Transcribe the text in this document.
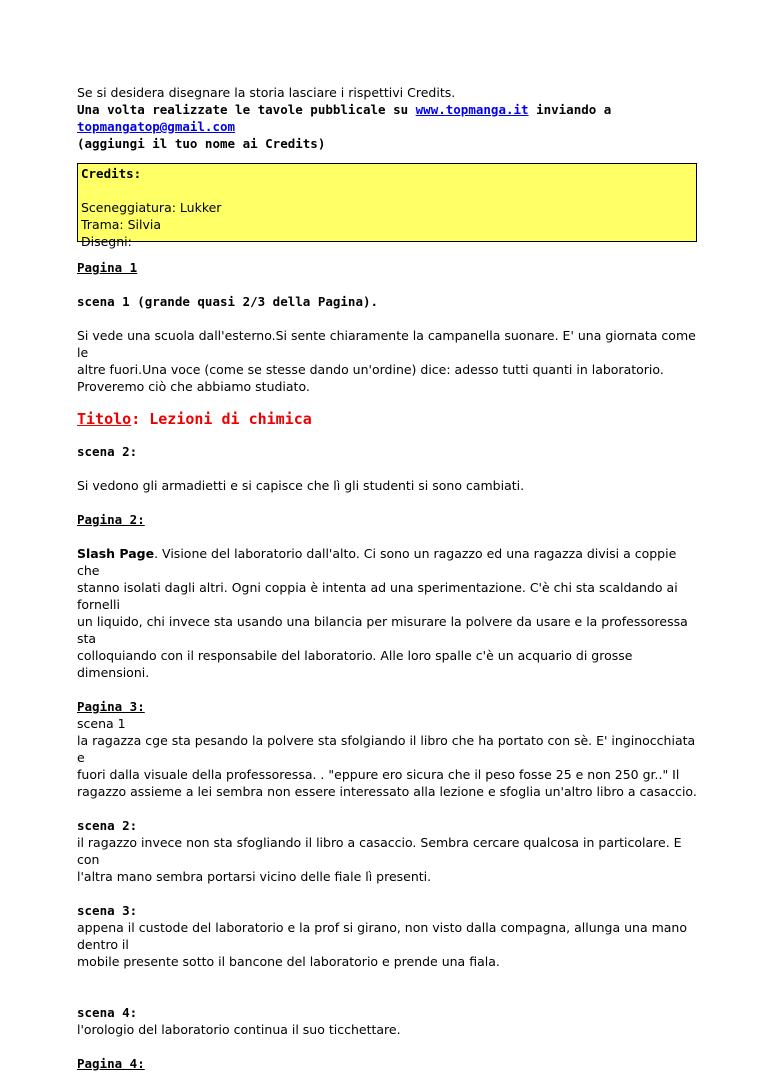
Se si desidera disegnare la storia lasciare i rispettivi Credits.

Una volta realizzate le tavole pubblicale su www.topmanga.it inviando a topmangatop@gmail.com

(aggiungi il tuo nome ai Credits)

Credits:

Sceneggiatura: Lukker

Trama: Silvia

Disegni:

Pagina 1

scena 1 (grande quasi 2/3 della Pagina).

Si vede una scuola dall'esterno.Si sente chiaramente la campanella suonare. E' una giornata come le

altre fuori.Una voce (come se stesse dando un'ordine) dice: adesso tutti quanti in laboratorio.

Proveremo ciò che abbiamo studiato.

Titolo: Lezioni di chimica

scena 2:

Si vedono gli armadietti e si capisce che lì gli studenti si sono cambiati.

Pagina 2:

Slash Page. Visione del laboratorio dall'alto. Ci sono un ragazzo ed una ragazza divisi a coppie che

stanno isolati dagli altri. Ogni coppia è intenta ad una sperimentazione. C'è chi sta scaldando ai fornelli

un liquido, chi invece sta usando una bilancia per misurare la polvere da usare e la professoressa sta

colloquiando con il responsabile del laboratorio. Alle loro spalle c'è un acquario di grosse dimensioni.

Pagina 3:

scena 1

la ragazza cge sta pesando la polvere sta sfolgiando il libro che ha portato con sè. E' inginocchiata e

fuori dalla visuale della professoressa. . "eppure ero sicura che il peso fosse 25 e non 250 gr.." Il

ragazzo assieme a lei sembra non essere interessato alla lezione e sfoglia un'altro libro a casaccio.

scena 2:

il ragazzo invece non sta sfogliando il libro a casaccio. Sembra cercare qualcosa in particolare. E con

l'altra mano sembra portarsi vicino delle fiale lì presenti.

scena 3:

appena il custode del laboratorio e la prof si girano, non visto dalla compagna, allunga una mano dentro il

mobile presente sotto il bancone del laboratorio e prende una fiala.

scena 4:

l'orologio del laboratorio continua il suo ticchettare.

Pagina 4:
